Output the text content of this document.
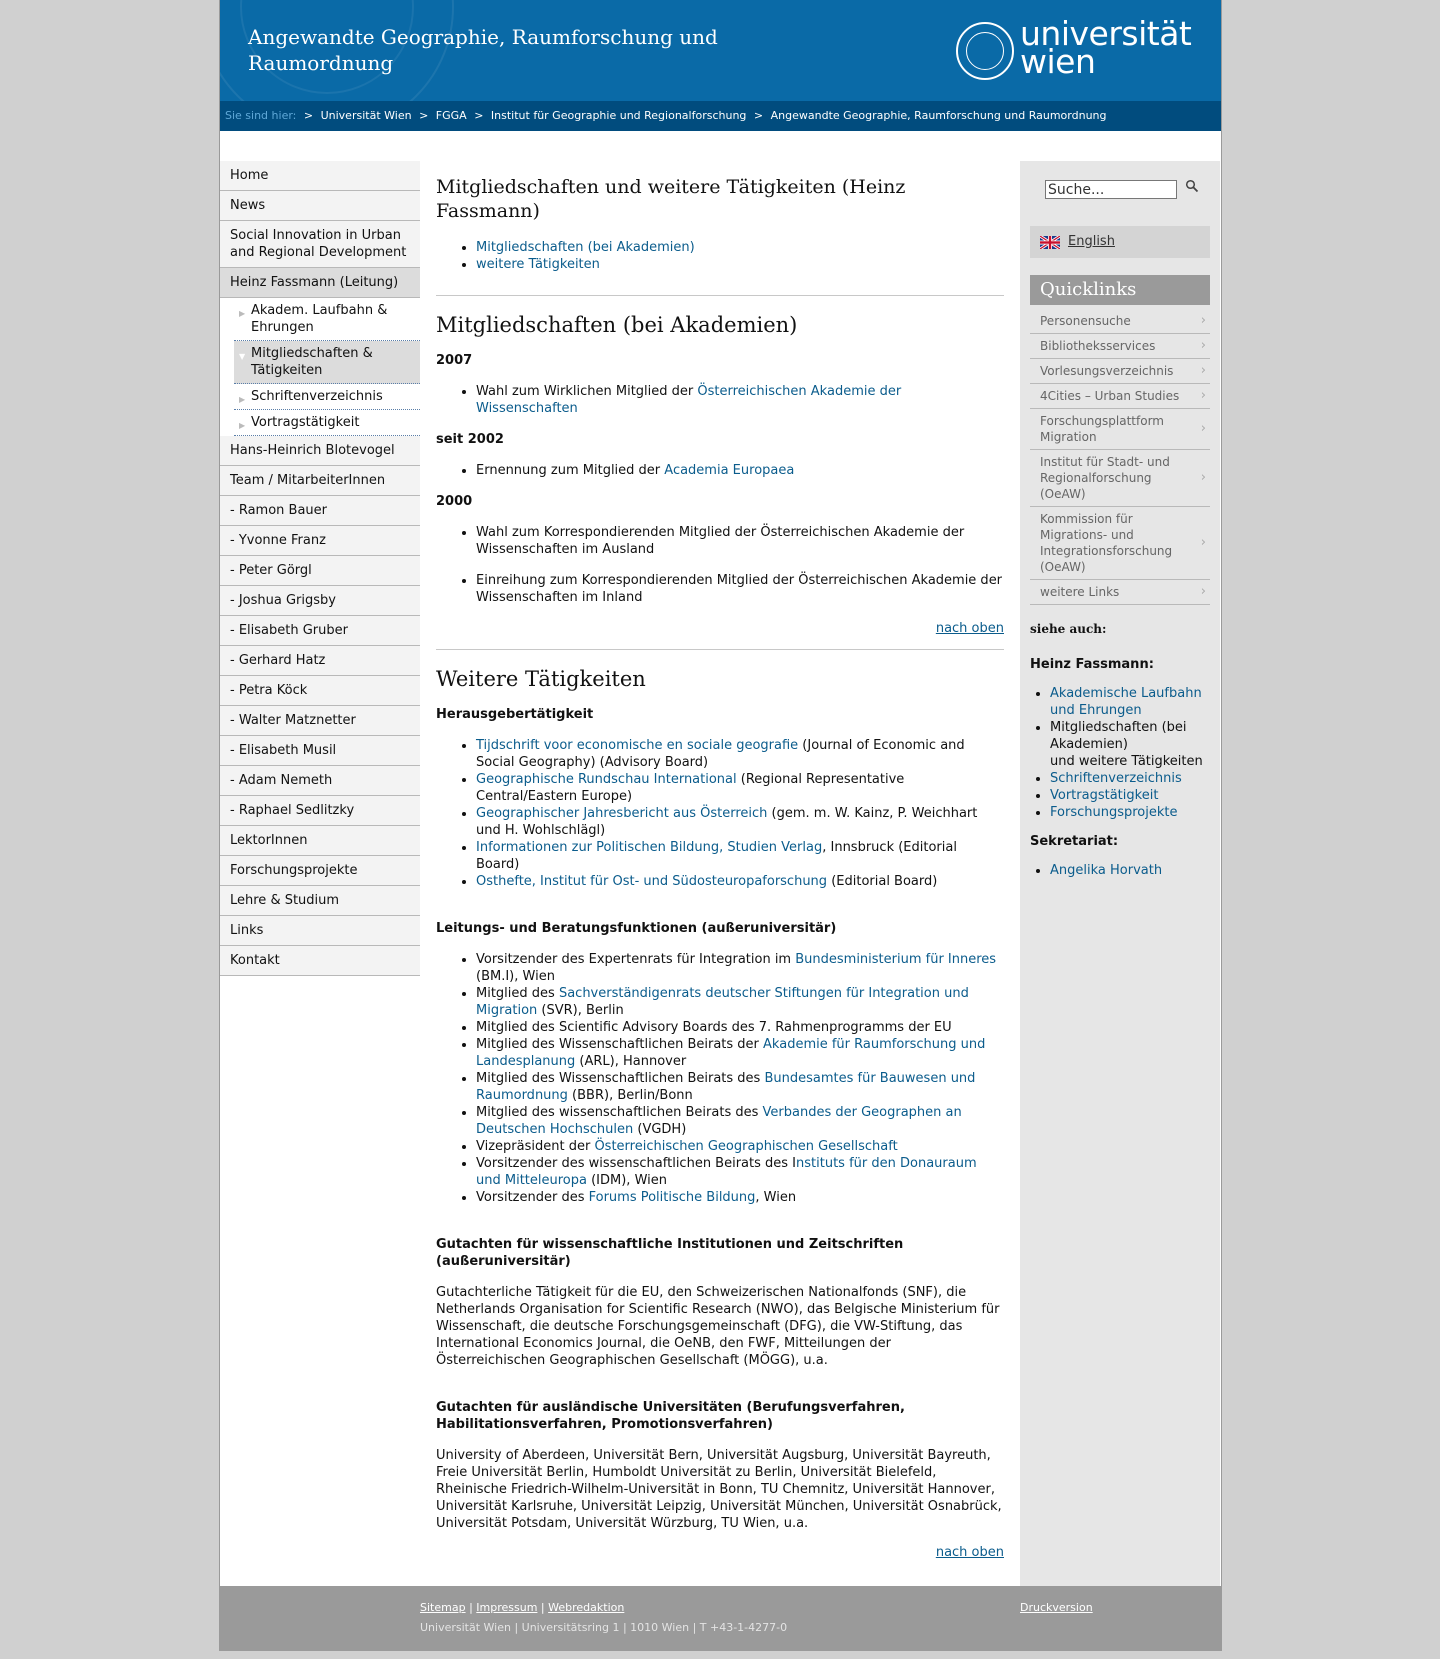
Angewandte Geographie, Raumforschung und Raumordnung
universität
wien
Sie sind hier: > Universität Wien > FGGA > Institut für Geographie und Regionalforschung > Angewandte Geographie, Raumforschung und Raumordnung
Home
News
Social Innovation in Urban and Regional Development
Heinz Fassmann (Leitung)
▶ Akadem. Laufbahn & Ehrungen
▼ Mitgliedschaften & Tätigkeiten
▶ Schriftenverzeichnis
▶ Vortragstätigkeit
Hans-Heinrich Blotevogel
Team / MitarbeiterInnen
- Ramon Bauer
- Yvonne Franz
- Peter Görgl
- Joshua Grigsby
- Elisabeth Gruber
- Gerhard Hatz
- Petra Köck
- Walter Matznetter
- Elisabeth Musil
- Adam Nemeth
- Raphael Sedlitzky
LektorInnen
Forschungsprojekte
Lehre & Studium
Links
Kontakt
Mitgliedschaften und weitere Tätigkeiten (Heinz Fassmann)
• Mitgliedschaften (bei Akademien)
• weitere Tätigkeiten
Mitgliedschaften (bei Akademien)
2007
• Wahl zum Wirklichen Mitglied der Österreichischen Akademie der Wissenschaften
seit 2002
• Ernennung zum Mitglied der Academia Europaea
2000
• Wahl zum Korrespondierenden Mitglied der Österreichischen Akademie der Wissenschaften im Ausland
• Einreihung zum Korrespondierenden Mitglied der Österreichischen Akademie der Wissenschaften im Inland
nach oben
Weitere Tätigkeiten
Herausgebertätigkeit
• Tijdschrift voor economische en sociale geografie (Journal of Economic and Social Geography) (Advisory Board)
• Geographische Rundschau International (Regional Representative Central/Eastern Europe)
• Geographischer Jahresbericht aus Österreich (gem. m. W. Kainz, P. Weichhart und H. Wohlschlägl)
• Informationen zur Politischen Bildung, Studien Verlag, Innsbruck (Editorial Board)
• Osthefte, Institut für Ost- und Südosteuropaforschung (Editorial Board)
Leitungs- und Beratungsfunktionen (außeruniversitär)
• Vorsitzender des Expertenrats für Integration im Bundesministerium für Inneres (BM.I), Wien
• Mitglied des Sachverständigenrats deutscher Stiftungen für Integration und Migration (SVR), Berlin
• Mitglied des Scientific Advisory Boards des 7. Rahmenprogramms der EU
• Mitglied des Wissenschaftlichen Beirats der Akademie für Raumforschung und Landesplanung (ARL), Hannover
• Mitglied des Wissenschaftlichen Beirats des Bundesamtes für Bauwesen und Raumordnung (BBR), Berlin/Bonn
• Mitglied des wissenschaftlichen Beirats des Verbandes der Geographen an Deutschen Hochschulen (VGDH)
• Vizepräsident der Österreichischen Geographischen Gesellschaft
• Vorsitzender des wissenschaftlichen Beirats des Instituts für den Donauraum und Mitteleuropa (IDM), Wien
• Vorsitzender des Forums Politische Bildung, Wien
Gutachten für wissenschaftliche Institutionen und Zeitschriften (außeruniversitär)

Gutachterliche Tätigkeit für die EU, den Schweizerischen Nationalfonds (SNF), die Netherlands Organisation for Scientific Research (NWO), das Belgische Ministerium für Wissenschaft, die deutsche Forschungsgemeinschaft (DFG), die VW-Stiftung, das International Economics Journal, die OeNB, den FWF, Mitteilungen der Österreichischen Geographischen Gesellschaft (MÖGG), u.a.

Gutachten für ausländische Universitäten (Berufungsverfahren, Habilitationsverfahren, Promotionsverfahren)

University of Aberdeen, Universität Bern, Universität Augsburg, Universität Bayreuth, Freie Universität Berlin, Humboldt Universität zu Berlin, Universität Bielefeld, Rheinische Friedrich-Wilhelm-Universität in Bonn, TU Chemnitz, Universität Hannover, Universität Karlsruhe, Universität Leipzig, Universität München, Universität Osnabrück, Universität Potsdam, Universität Würzburg, TU Wien, u.a.

nach oben
Suche...
English
Quicklinks
Personensuche	›
Bibliotheksservices	›
Vorlesungsverzeichnis ›
4Cities – Urban Studies ›
Forschungsplattform Migration
›
Institut für Stadt- und Regionalforschung (OeAW)
›
Kommission für Migrations- und Integrationsforschung (OeAW)
›
weitere Links	›
siehe auch:
Heinz Fassmann:
• Akademische Laufbahn und Ehrungen
• Mitgliedschaften (bei Akademien)
und weitere Tätigkeiten
• Schriftenverzeichnis
• Vortragstätigkeit
• Forschungsprojekte
Sekretariat:
• Angelika Horvath
Sitemap | Impressum | Webredaktion
Universität Wien | Universitätsring 1 | 1010 Wien | T +43-1-4277-0
Druckversion
